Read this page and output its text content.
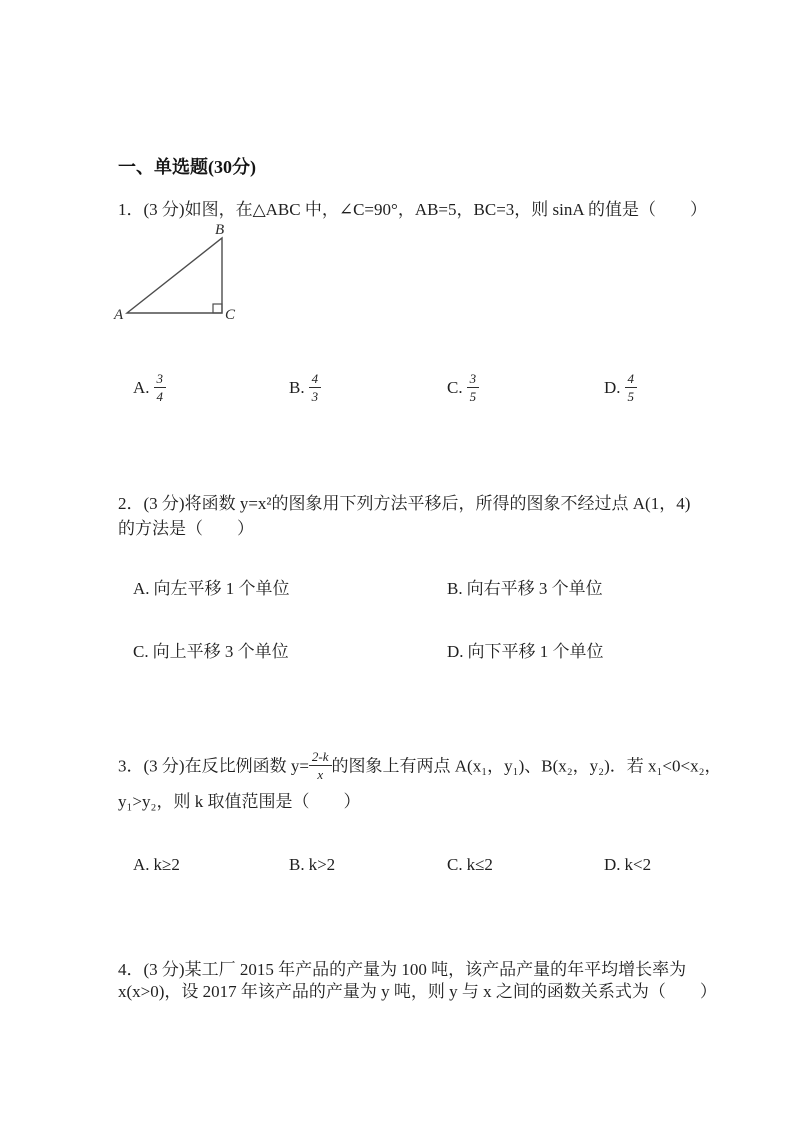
一、单选题(30分)
1．(3 分)如图，在△ABC 中，∠C=90°，AB=5，BC=3，则 sinA 的值是（　　）
B
A	C
A. $\frac{3}{4}$	B. $\frac{4}{3}$	C. $\frac{3}{5}$	D. $\frac{4}{5}$
2．(3 分)将函数 y=x²的图象用下列方法平移后，所得的图象不经过点 A(1，4)
的方法是（　　）
A. 向左平移 1 个单位	B. 向右平移 3 个单位
C. 向上平移 3 个单位	D. 向下平移 1 个单位
3．(3 分)在反比例函数 $y= \frac{2-k}{x}$ 的图象上有两点 A(x₁，y₁)、B(x₂，y₂)．若 x₁<0<x₂，
y₁>y₂，则 k 取值范围是（　　）
A. k≥2	B. k>2	C. k≤2	D. k<2
4．(3 分)某工厂 2015 年产品的产量为 100 吨，该产品产量的年平均增长率为
x(x>0)，设 2017 年该产品的产量为 y 吨，则 y 与 x 之间的函数关系式为（　　）
